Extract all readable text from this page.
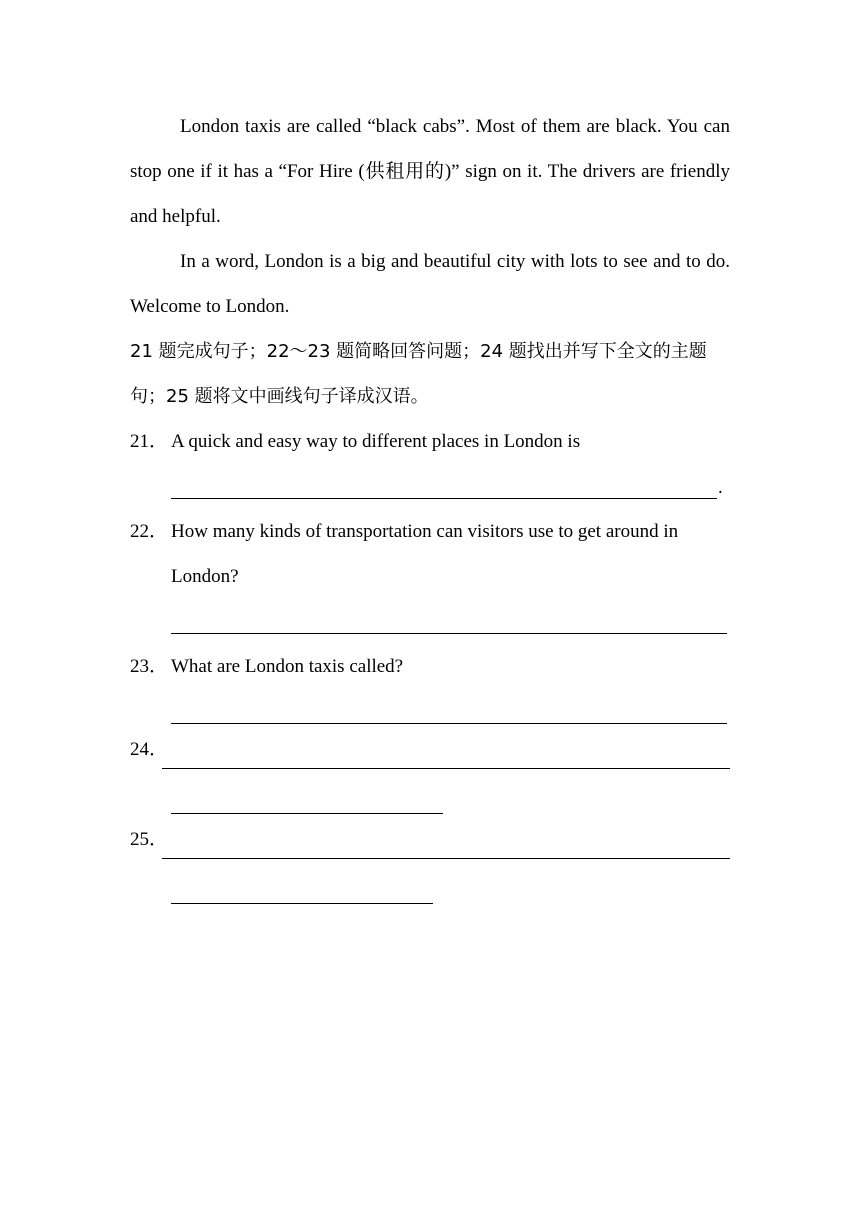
London taxis are called “black cabs”. Most of them are black. You can stop one if it has a “For Hire (供租用的)” sign on it. The drivers are friendly and helpful.

In a word, London is a big and beautiful city with lots to see and to do. Welcome to London.

21 题完成句子；22～23 题简略回答问题；24 题找出并写下全文的主题句；25 题将文中画线句子译成汉语。

21． A quick and easy way to different places in London is
.
22． How many kinds of transportation can visitors use to get around in
London?
23． What are London taxis called?
24．
25．
